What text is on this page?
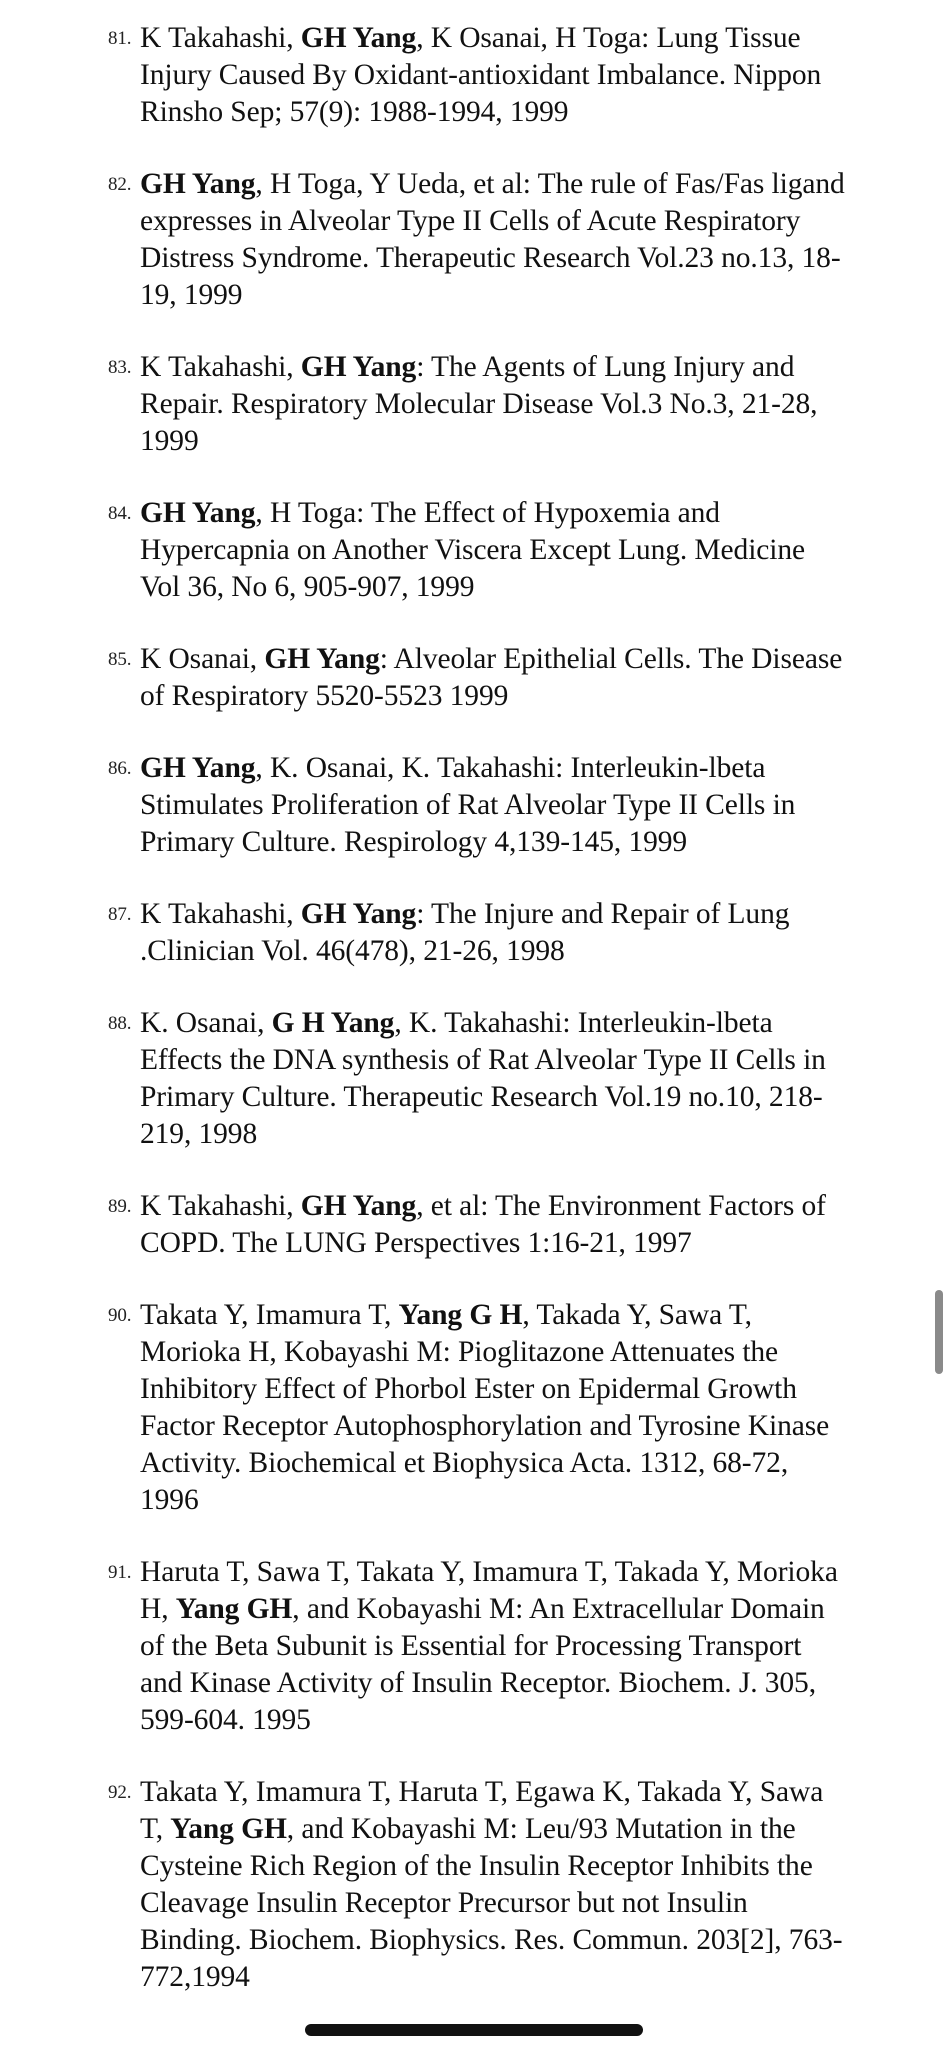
81. K Takahashi, GH Yang, K Osanai, H Toga: Lung Tissue Injury Caused By Oxidant-antioxidant Imbalance. Nippon Rinsho Sep; 57(9): 1988-1994, 1999
82. GH Yang, H Toga, Y Ueda, et al: The rule of Fas/Fas ligand expresses in Alveolar Type II Cells of Acute Respiratory Distress Syndrome. Therapeutic Research Vol.23 no.13, 18-19, 1999
83. K Takahashi, GH Yang: The Agents of Lung Injury and Repair. Respiratory Molecular Disease Vol.3 No.3, 21-28, 1999
84. GH Yang, H Toga: The Effect of Hypoxemia and Hypercapnia on Another Viscera Except Lung. Medicine Vol 36, No 6, 905-907, 1999
85. K Osanai, GH Yang: Alveolar Epithelial Cells. The Disease of Respiratory 5520-5523 1999
86. GH Yang, K. Osanai, K. Takahashi: Interleukin-lbeta Stimulates Proliferation of Rat Alveolar Type II Cells in Primary Culture. Respirology 4,139-145, 1999
87. K Takahashi, GH Yang: The Injure and Repair of Lung .Clinician Vol. 46(478), 21-26, 1998
88. K. Osanai, G H Yang, K. Takahashi: Interleukin-lbeta Effects the DNA synthesis of Rat Alveolar Type II Cells in Primary Culture. Therapeutic Research Vol.19 no.10, 218-219, 1998
89. K Takahashi, GH Yang, et al: The Environment Factors of COPD. The LUNG Perspectives 1:16-21, 1997
90. Takata Y, Imamura T, Yang G H, Takada Y, Sawa T, Morioka H, Kobayashi M: Pioglitazone Attenuates the Inhibitory Effect of Phorbol Ester on Epidermal Growth Factor Receptor Autophosphorylation and Tyrosine Kinase Activity. Biochemical et Biophysica Acta. 1312, 68-72, 1996
91. Haruta T, Sawa T, Takata Y, Imamura T, Takada Y, Morioka H, Yang GH, and Kobayashi M: An Extracellular Domain of the Beta Subunit is Essential for Processing Transport and Kinase Activity of Insulin Receptor. Biochem. J. 305, 599-604. 1995
92. Takata Y, Imamura T, Haruta T, Egawa K, Takada Y, Sawa T, Yang GH, and Kobayashi M: Leu/93 Mutation in the Cysteine Rich Region of the Insulin Receptor Inhibits the Cleavage Insulin Receptor Precursor but not Insulin Binding. Biochem. Biophysics. Res. Commun. 203[2], 763-772,1994
